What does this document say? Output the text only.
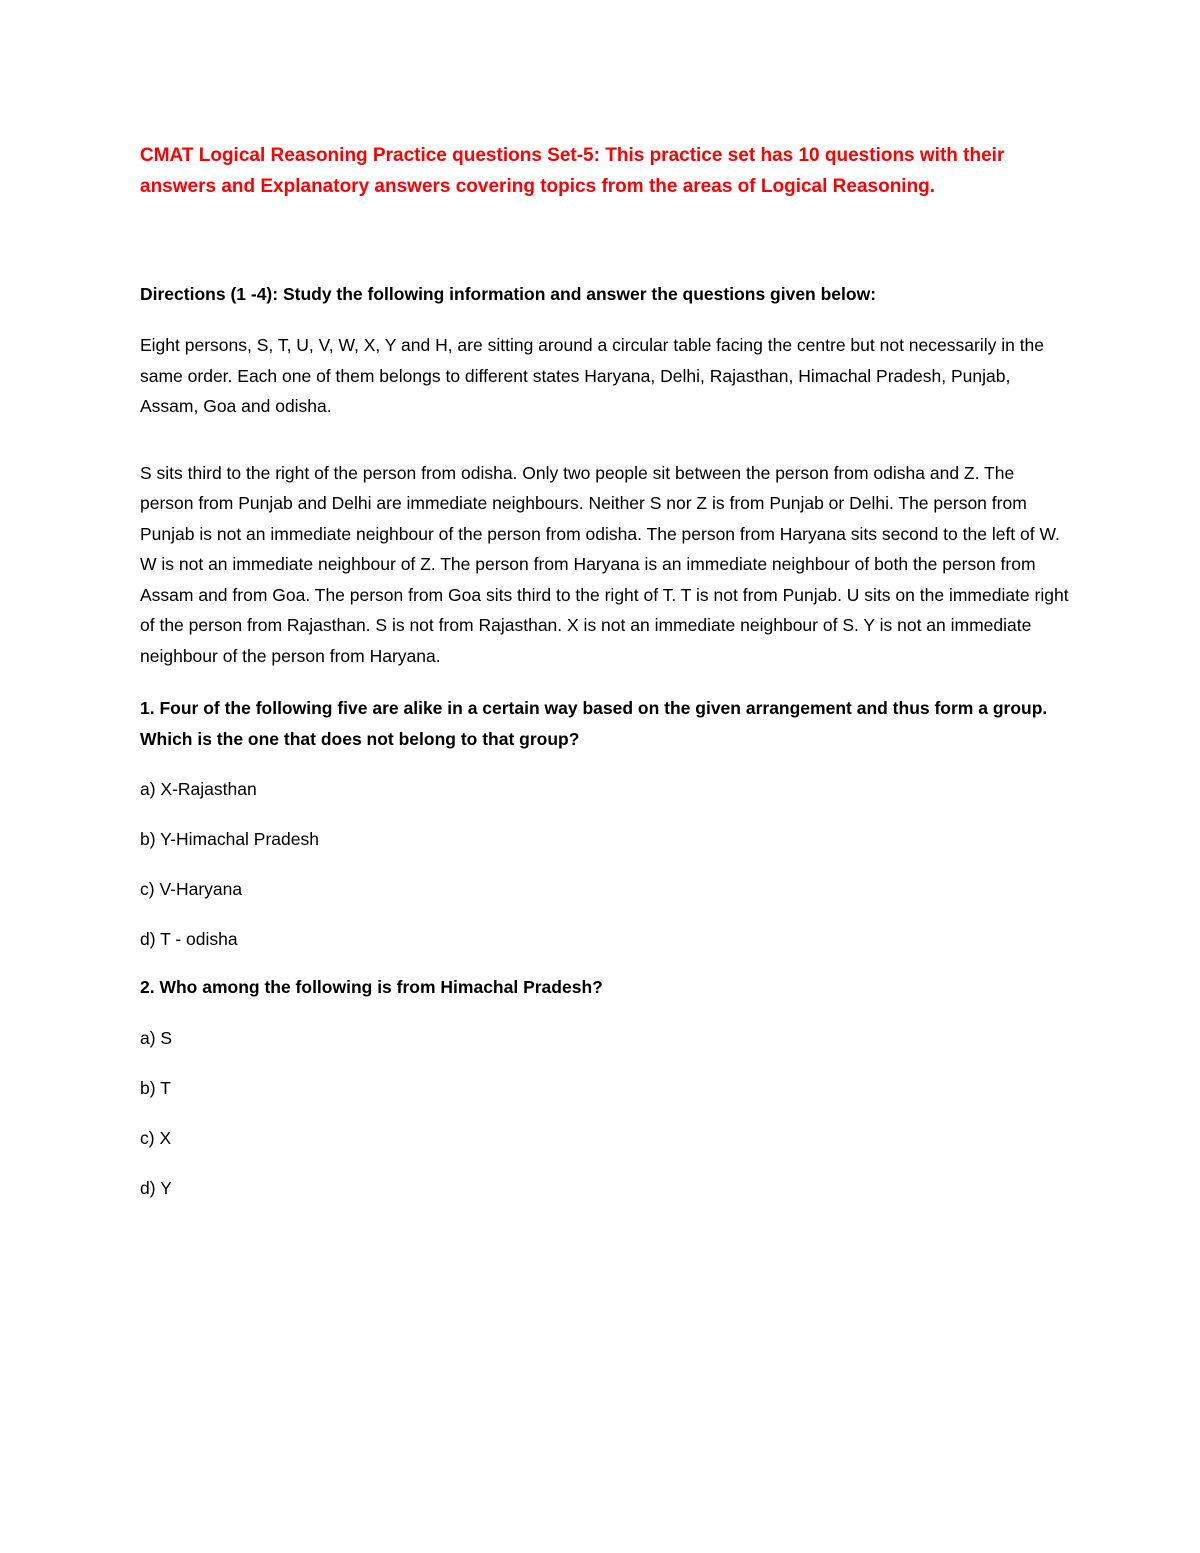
CMAT Logical Reasoning Practice questions Set-5: This practice set has 10 questions with their answers and Explanatory answers covering topics from the areas of Logical Reasoning.

Directions (1 -4): Study the following information and answer the questions given below:

Eight persons, S, T, U, V, W, X, Y and H, are sitting around a circular table facing the centre but not necessarily in the same order. Each one of them belongs to different states Haryana, Delhi, Rajasthan, Himachal Pradesh, Punjab, Assam, Goa and odisha.

S sits third to the right of the person from odisha. Only two people sit between the person from odisha and Z. The person from Punjab and Delhi are immediate neighbours. Neither S nor Z is from Punjab or Delhi. The person from Punjab is not an immediate neighbour of the person from odisha. The person from Haryana sits second to the left of W. W is not an immediate neighbour of Z. The person from Haryana is an immediate neighbour of both the person from Assam and from Goa. The person from Goa sits third to the right of T. T is not from Punjab. U sits on the immediate right of the person from Rajasthan. S is not from Rajasthan. X is not an immediate neighbour of S. Y is not an immediate neighbour of the person from Haryana.

1. Four of the following five are alike in a certain way based on the given arrangement and thus form a group. Which is the one that does not belong to that group?

a) X-Rajasthan

b) Y-Himachal Pradesh

c) V-Haryana

d) T - odisha

2. Who among the following is from Himachal Pradesh?

a) S

b) T

c) X

d) Y
